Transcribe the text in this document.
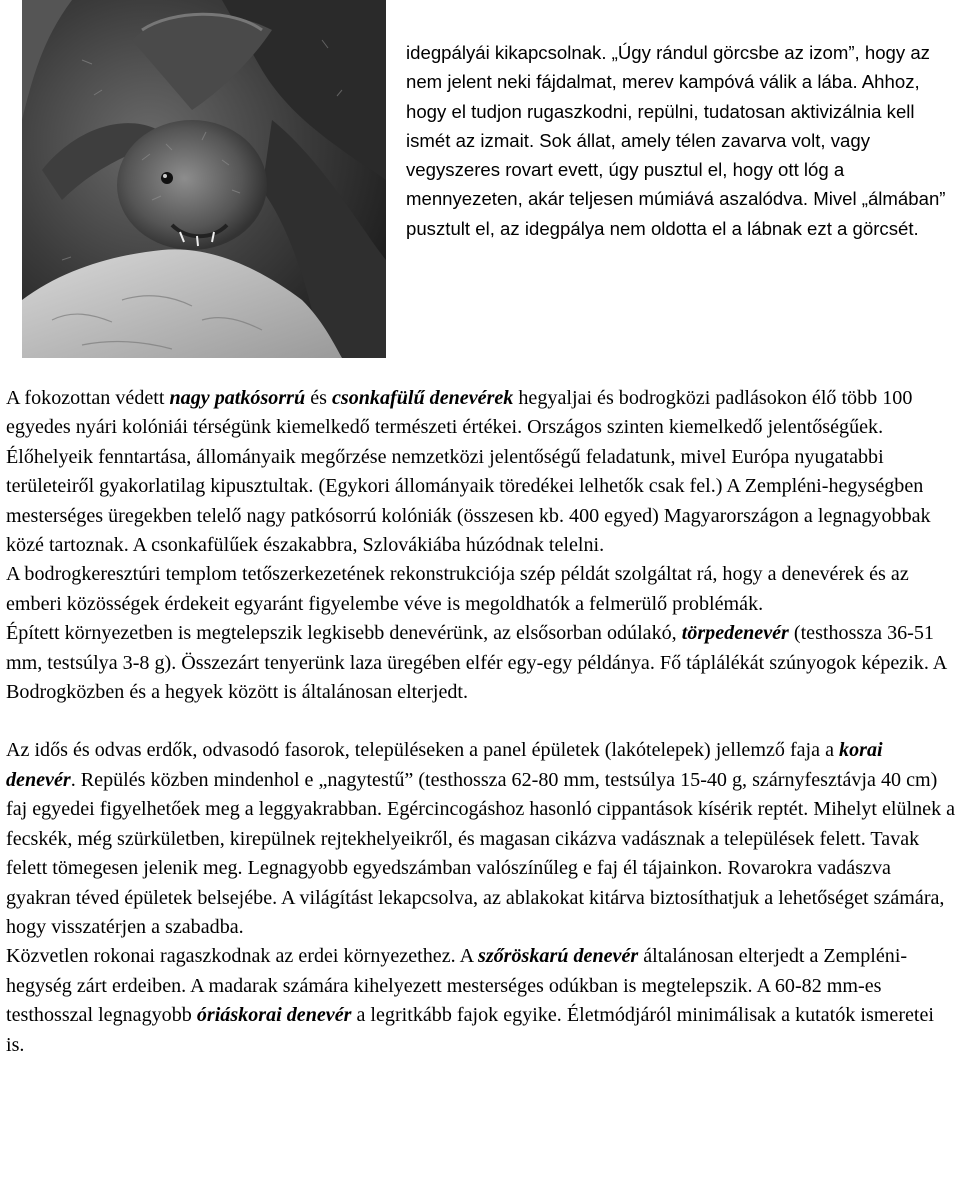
idegpályái kikapcsolnak. „Úgy rándul görcsbe az izom”, hogy az nem jelent neki fájdalmat, merev kampóvá válik a lába. Ahhoz, hogy el tudjon rugaszkodni, repülni, tudatosan aktivizálnia kell ismét az izmait. Sok állat, amely télen zavarva volt, vagy vegyszeres rovart evett, úgy pusztul el, hogy ott lóg a mennyezeten, akár teljesen múmiává aszalódva. Mivel „álmában” pusztult el, az idegpálya nem oldotta el a lábnak ezt a görcsét.

A fokozottan védett nagy patkósorrú és csonkafülű denevérek hegyaljai és bodrogközi padlásokon élő több 100 egyedes nyári kolóniái térségünk kiemelkedő természeti értékei. Országos szinten kiemelkedő jelentőségűek. Élőhelyeik fenntartása, állományaik megőrzése nemzetközi jelentőségű feladatunk, mivel Európa nyugatabbi területeiről gyakorlatilag kipusztultak. (Egykori állományaik töredékei lelhetők csak fel.) A Zempléni-hegységben mesterséges üregekben telelő nagy patkósorrú kolóniák (összesen kb. 400 egyed) Magyarországon a legnagyobbak közé tartoznak. A csonkafülűek északabbra, Szlovákiába húzódnak telelni.

A bodrogkeresztúri templom tetőszerkezetének rekonstrukciója szép példát szolgáltat rá, hogy a denevérek és az emberi közösségek érdekeit egyaránt figyelembe véve is megoldhatók a felmerülő problémák.

Épített környezetben is megtelepszik legkisebb denevérünk, az elsősorban odúlakó, törpedenevér (testhossza 36-51 mm, testsúlya 3-8 g). Összezárt tenyerünk laza üregében elfér egy-egy példánya. Fő táplálékát szúnyogok képezik. A Bodrogközben és a hegyek között is általánosan elterjedt.

Az idős és odvas erdők, odvasodó fasorok, településeken a panel épületek (lakótelepek) jellemző faja a korai denevér. Repülés közben mindenhol e „nagytestű” (testhossza 62-80 mm, testsúlya 15-40 g, szárnyfesztávja 40 cm) faj egyedei figyelhetőek meg a leggyakrabban. Egércincogáshoz hasonló cippantások kísérik reptét. Mihelyt elülnek a fecskék, még szürkületben, kirepülnek rejtekhelyeikről, és magasan cikázva vadásznak a települések felett. Tavak felett tömegesen jelenik meg. Legnagyobb egyedszámban valószínűleg e faj él tájainkon. Rovarokra vadászva gyakran téved épületek belsejébe. A világítást lekapcsolva, az ablakokat kitárva biztosíthatjuk a lehetőséget számára, hogy visszatérjen a szabadba.

Közvetlen rokonai ragaszkodnak az erdei környezethez. A szőröskarú denevér általánosan elterjedt a Zempléni-hegység zárt erdeiben. A madarak számára kihelyezett mesterséges odúkban is megtelepszik. A 60-82 mm-es testhosszal legnagyobb óriáskorai denevér a legritkább fajok egyike. Életmódjáról minimálisak a kutatók ismeretei is.
